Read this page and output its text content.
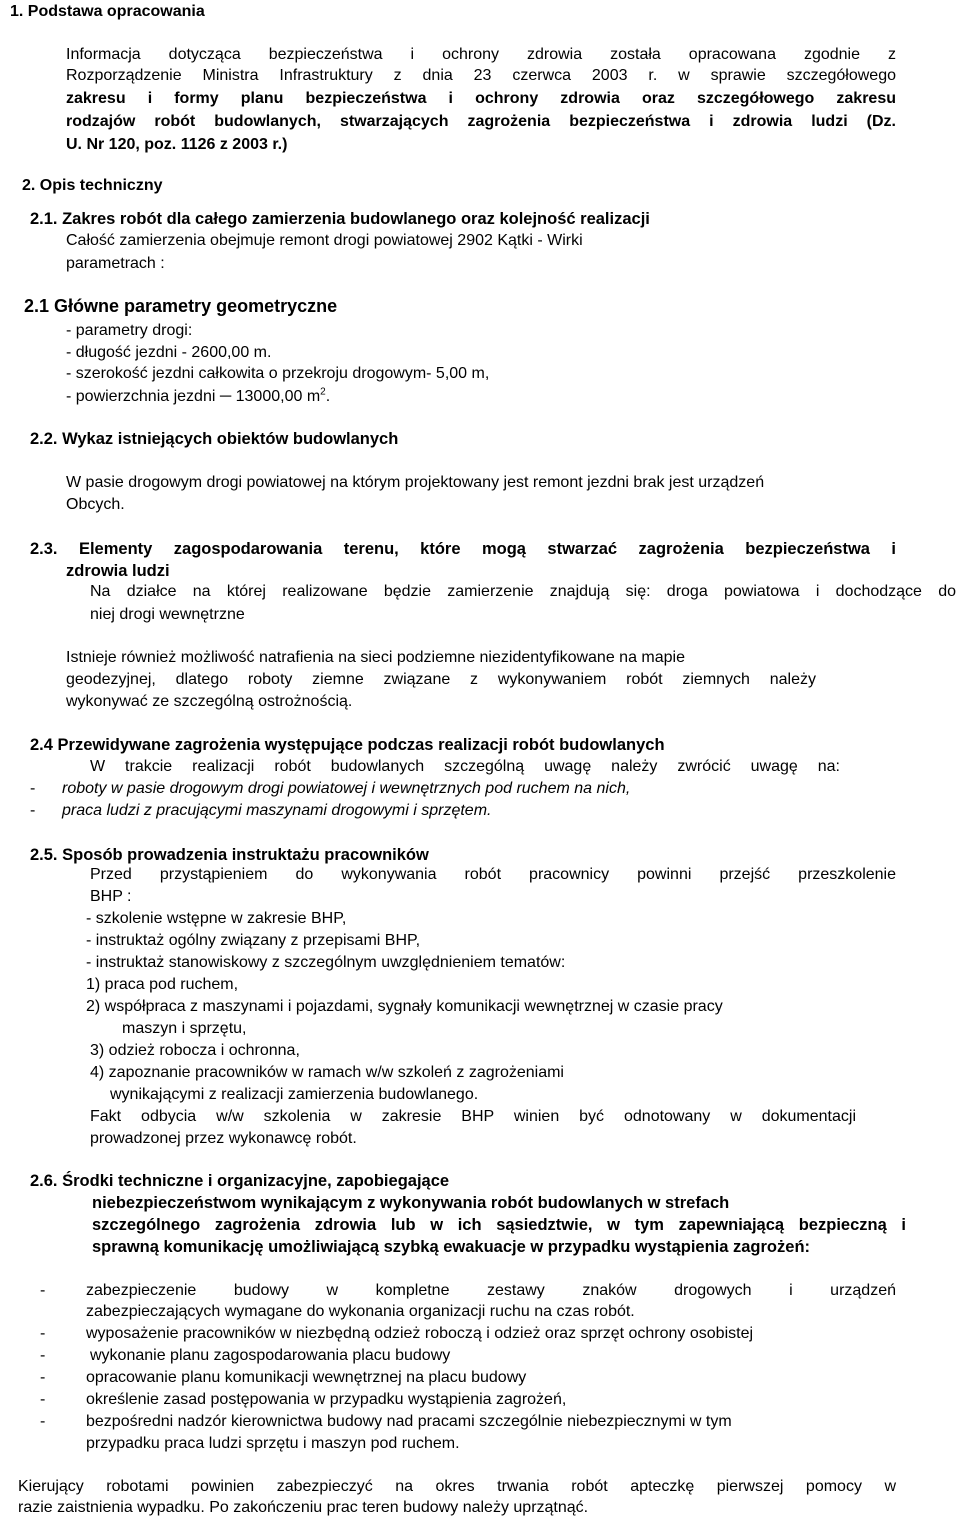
1. Podstawa opracowania
Informacja dotycząca bezpieczeństwa i ochrony zdrowia została opracowana zgodnie z
Rozporządzenie Ministra Infrastruktury z dnia 23 czerwca 2003 r. w sprawie szczegółowego
zakresu i formy planu bezpieczeństwa i ochrony zdrowia oraz szczegółowego zakresu
rodzajów robót budowlanych, stwarzających zagrożenia bezpieczeństwa i zdrowia ludzi (Dz.
U. Nr 120, poz. 1126 z 2003 r.)
2. Opis techniczny
2.1. Zakres robót dla całego zamierzenia budowlanego oraz kolejność realizacji
Całość zamierzenia obejmuje remont drogi powiatowej 2902 Kątki - Wirki
parametrach :
2.1 Główne parametry geometryczne
- parametry drogi:
- długość jezdni - 2600,00 m.
- szerokość jezdni całkowita o przekroju drogowym- 5,00 m,
- powierzchnia jezdni ─ 13000,00 $m^2$.
2.2. Wykaz istniejących obiektów budowlanych
W pasie drogowym drogi powiatowej na którym projektowany jest remont jezdni brak jest urządzeń
Obcych.
2.3. Elementy zagospodarowania terenu, które mogą stwarzać zagrożenia bezpieczeństwa i
zdrowia ludzi
Na działce na której realizowane będzie zamierzenie znajdują się: droga powiatowa i dochodzące do
niej drogi wewnętrzne
Istnieje również możliwość natrafienia na sieci podziemne niezidentyfikowane na mapie
geodezyjnej, dlatego roboty ziemne związane z wykonywaniem robót ziemnych należy
wykonywać ze szczególną ostrożnością.
2.4 Przewidywane zagrożenia występujące podczas realizacji robót budowlanych
W trakcie realizacji robót budowlanych szczególną uwagę należy zwrócić uwagę na:
- roboty w pasie drogowym drogi powiatowej i wewnętrznych pod ruchem na nich,
- praca ludzi z pracującymi maszynami drogowymi i sprzętem.
2.5. Sposób prowadzenia instruktażu pracowników
Przed przystąpieniem do wykonywania robót pracownicy powinni przejść przeszkolenie
BHP :
- szkolenie wstępne w zakresie BHP,
- instruktaż ogólny związany z przepisami BHP,
- instruktaż stanowiskowy z szczególnym uwzględnieniem tematów:
1) praca pod ruchem,
2) współpraca z maszynami i pojazdami, sygnały komunikacji wewnętrznej w czasie pracy
maszyn i sprzętu,
3) odzież robocza i ochronna,
4) zapoznanie pracowników w ramach w/w szkoleń z zagrożeniami
wynikającymi z realizacji zamierzenia budowlanego.
Fakt odbycia w/w szkolenia w zakresie BHP winien być odnotowany w dokumentacji
prowadzonej przez wykonawcę robót.
2.6. Środki techniczne i organizacyjne, zapobiegające
niebezpieczeństwom wynikającym z wykonywania robót budowlanych w strefach
szczególnego zagrożenia zdrowia lub w ich sąsiedztwie, w tym zapewniającą bezpieczną i
sprawną komunikację umożliwiającą szybką ewakuacje w przypadku wystąpienia zagrożeń:
-	zabezpieczenie budowy w kompletne zestawy znaków drogowych i urządzeń
zabezpieczających wymagane do wykonania organizacji ruchu na czas robót.
-	wyposażenie pracowników w niezbędną odzież roboczą i odzież oraz sprzęt ochrony osobistej
-	wykonanie planu zagospodarowania placu budowy
-	opracowanie planu komunikacji wewnętrznej na placu budowy
-	określenie zasad postępowania w przypadku wystąpienia zagrożeń,
-	bezpośredni nadzór kierownictwa budowy nad pracami szczególnie niebezpiecznymi w tym
przypadku praca ludzi sprzętu i maszyn pod ruchem.
Kierujący robotami powinien zabezpieczyć na okres trwania robót apteczkę pierwszej pomocy w
razie zaistnienia wypadku. Po zakończeniu prac teren budowy należy uprzątnąć.
